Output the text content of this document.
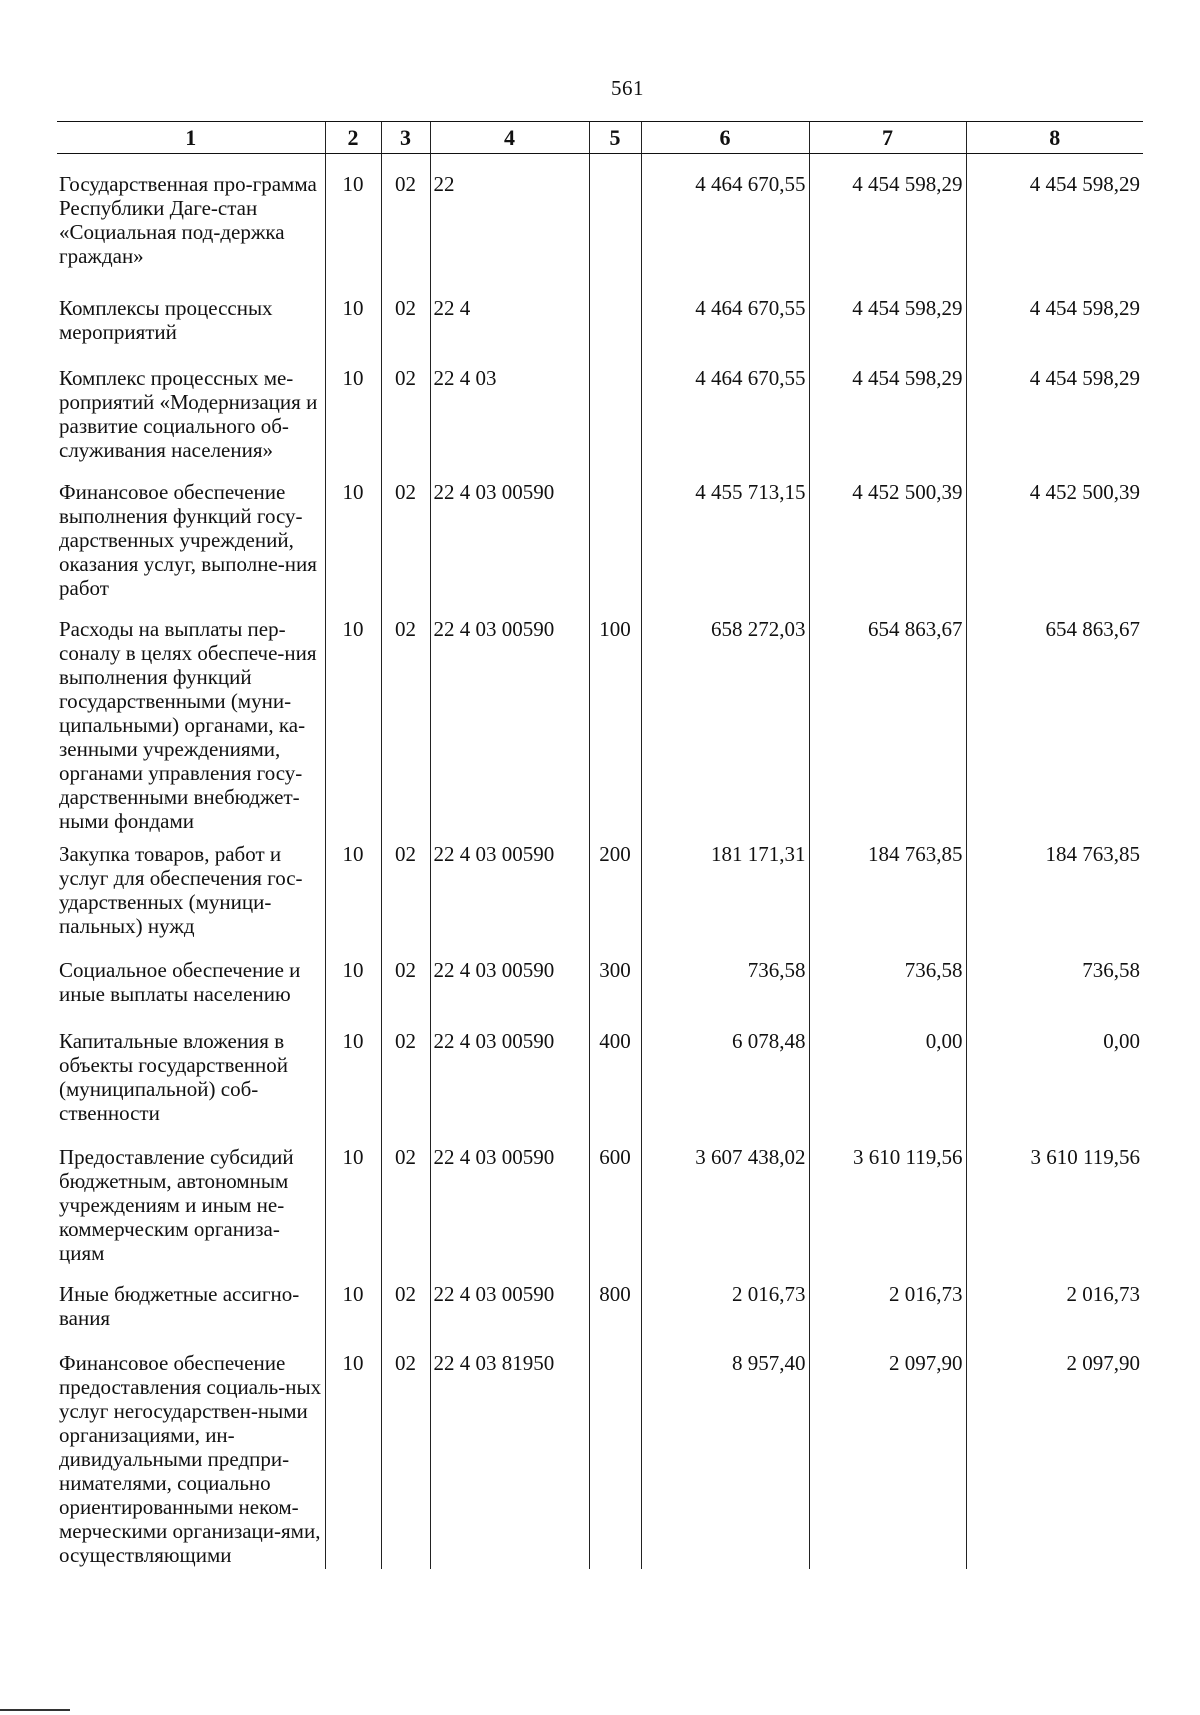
561
1	2	3	4	5	6	7	8
Государственная про-грамма Республики Даге-стан «Социальная под-держка граждан»	10	02	22		4 464 670,55	4 454 598,29	4 454 598,29
Комплексы процессных мероприятий	10	02	22 4		4 464 670,55	4 454 598,29	4 454 598,29
Комплекс процессных ме-роприятий «Модернизация и развитие социального об-служивания населения»	10	02	22 4 03		4 464 670,55	4 454 598,29	4 454 598,29
Финансовое обеспечение выполнения функций госу-дарственных учреждений, оказания услуг, выполне-ния работ	10	02	22 4 03 00590		4 455 713,15	4 452 500,39	4 452 500,39
Расходы на выплаты пер-соналу в целях обеспече-ния выполнения функций государственными (муни-ципальными) органами, ка-зенными учреждениями, органами управления госу-дарственными внебюджет-ными фондами	10	02	22 4 03 00590	100	658 272,03	654 863,67	654 863,67
Закупка товаров, работ и услуг для обеспечения гос-ударственных (муници-пальных) нужд	10	02	22 4 03 00590	200	181 171,31	184 763,85	184 763,85
Социальное обеспечение и иные выплаты населению	10	02	22 4 03 00590	300	736,58	736,58	736,58
Капитальные вложения в объекты государственной (муниципальной) соб-ственности	10	02	22 4 03 00590	400	6 078,48	0,00	0,00
Предоставление субсидий бюджетным, автономным учреждениям и иным не-коммерческим организа-циям	10	02	22 4 03 00590	600	3 607 438,02	3 610 119,56	3 610 119,56
Иные бюджетные ассигно-вания	10	02	22 4 03 00590	800	2 016,73	2 016,73	2 016,73
Финансовое обеспечение предоставления социаль-ных услуг негосударствен-ными организациями, ин-дивидуальными предпри-нимателями, социально ориентированными неком-мерческими организаци-ями, осуществляющими	10	02	22 4 03 81950		8 957,40	2 097,90	2 097,90
